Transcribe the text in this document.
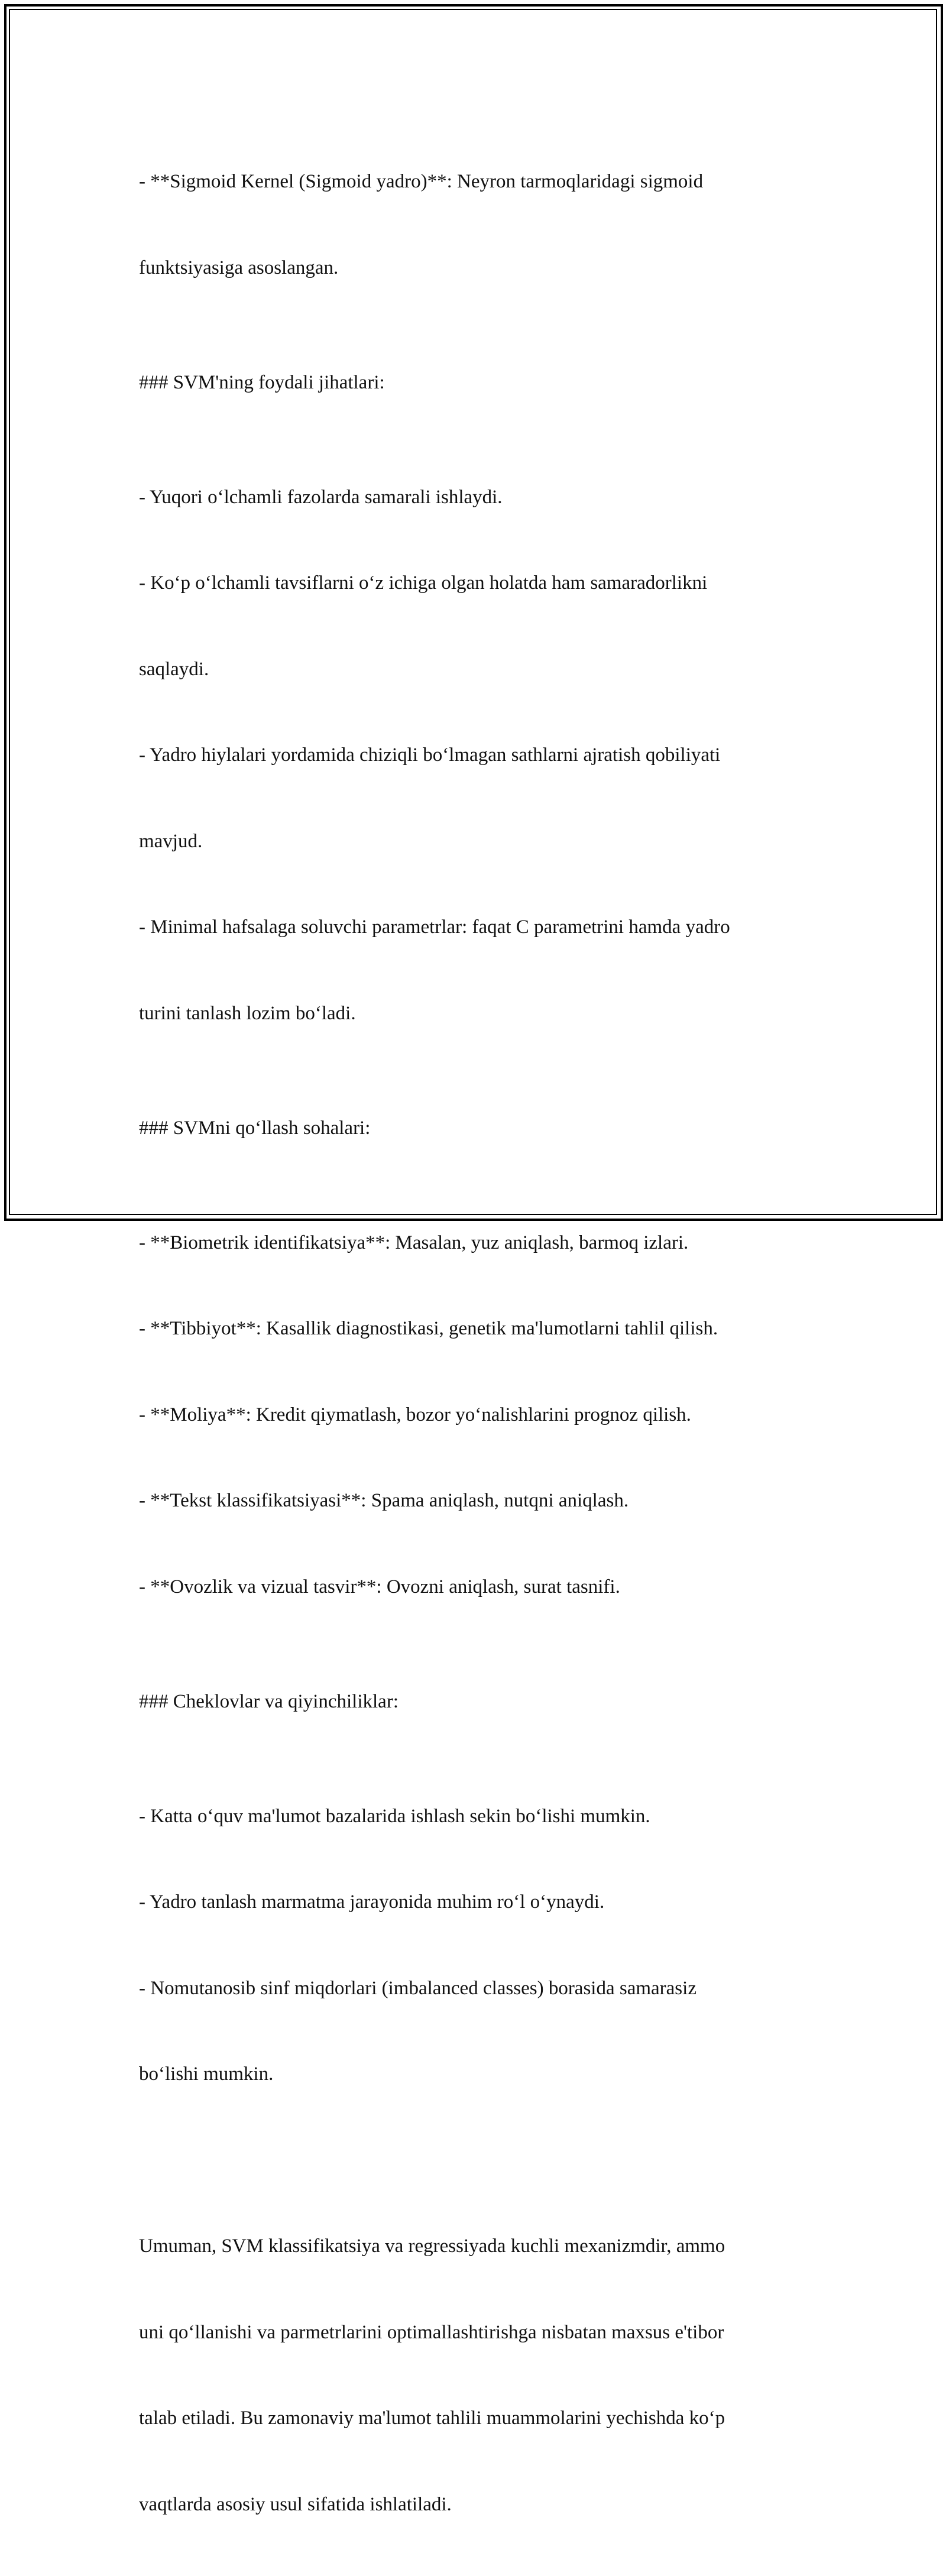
- **Sigmoid Kernel (Sigmoid yadro)**: Neyron tarmoqlaridagi sigmoid

funktsiyasiga asoslangan.

### SVM'ning foydali jihatlari:

- Yuqori o‘lchamli fazolarda samarali ishlaydi.

- Ko‘p o‘lchamli tavsiflarni o‘z ichiga olgan holatda ham samaradorlikni

saqlaydi.

- Yadro hiylalari yordamida chiziqli bo‘lmagan sathlarni ajratish qobiliyati

mavjud.

- Minimal hafsalaga soluvchi parametrlar: faqat C parametrini hamda yadro

turini tanlash lozim bo‘ladi.

### SVMni qo‘llash sohalari:

- **Biometrik identifikatsiya**: Masalan, yuz aniqlash, barmoq izlari.

- **Tibbiyot**: Kasallik diagnostikasi, genetik ma'lumotlarni tahlil qilish.

- **Moliya**: Kredit qiymatlash, bozor yo‘nalishlarini prognoz qilish.

- **Tekst klassifikatsiyasi**: Spama aniqlash, nutqni aniqlash.

- **Ovozlik va vizual tasvir**: Ovozni aniqlash, surat tasnifi.

### Cheklovlar va qiyinchiliklar:

- Katta o‘quv ma'lumot bazalarida ishlash sekin bo‘lishi mumkin.

- Yadro tanlash marmatma jarayonida muhim ro‘l o‘ynaydi.

- Nomutanosib sinf miqdorlari (imbalanced classes) borasida samarasiz

bo‘lishi mumkin.

Umuman, SVM klassifikatsiya va regressiyada kuchli mexanizmdir, ammo

uni qo‘llanishi va parmetrlarini optimallashtirishga nisbatan maxsus e'tibor

talab etiladi. Bu zamonaviy ma'lumot tahlili muammolarini yechishda ko‘p

vaqtlarda asosiy usul sifatida ishlatiladi.
